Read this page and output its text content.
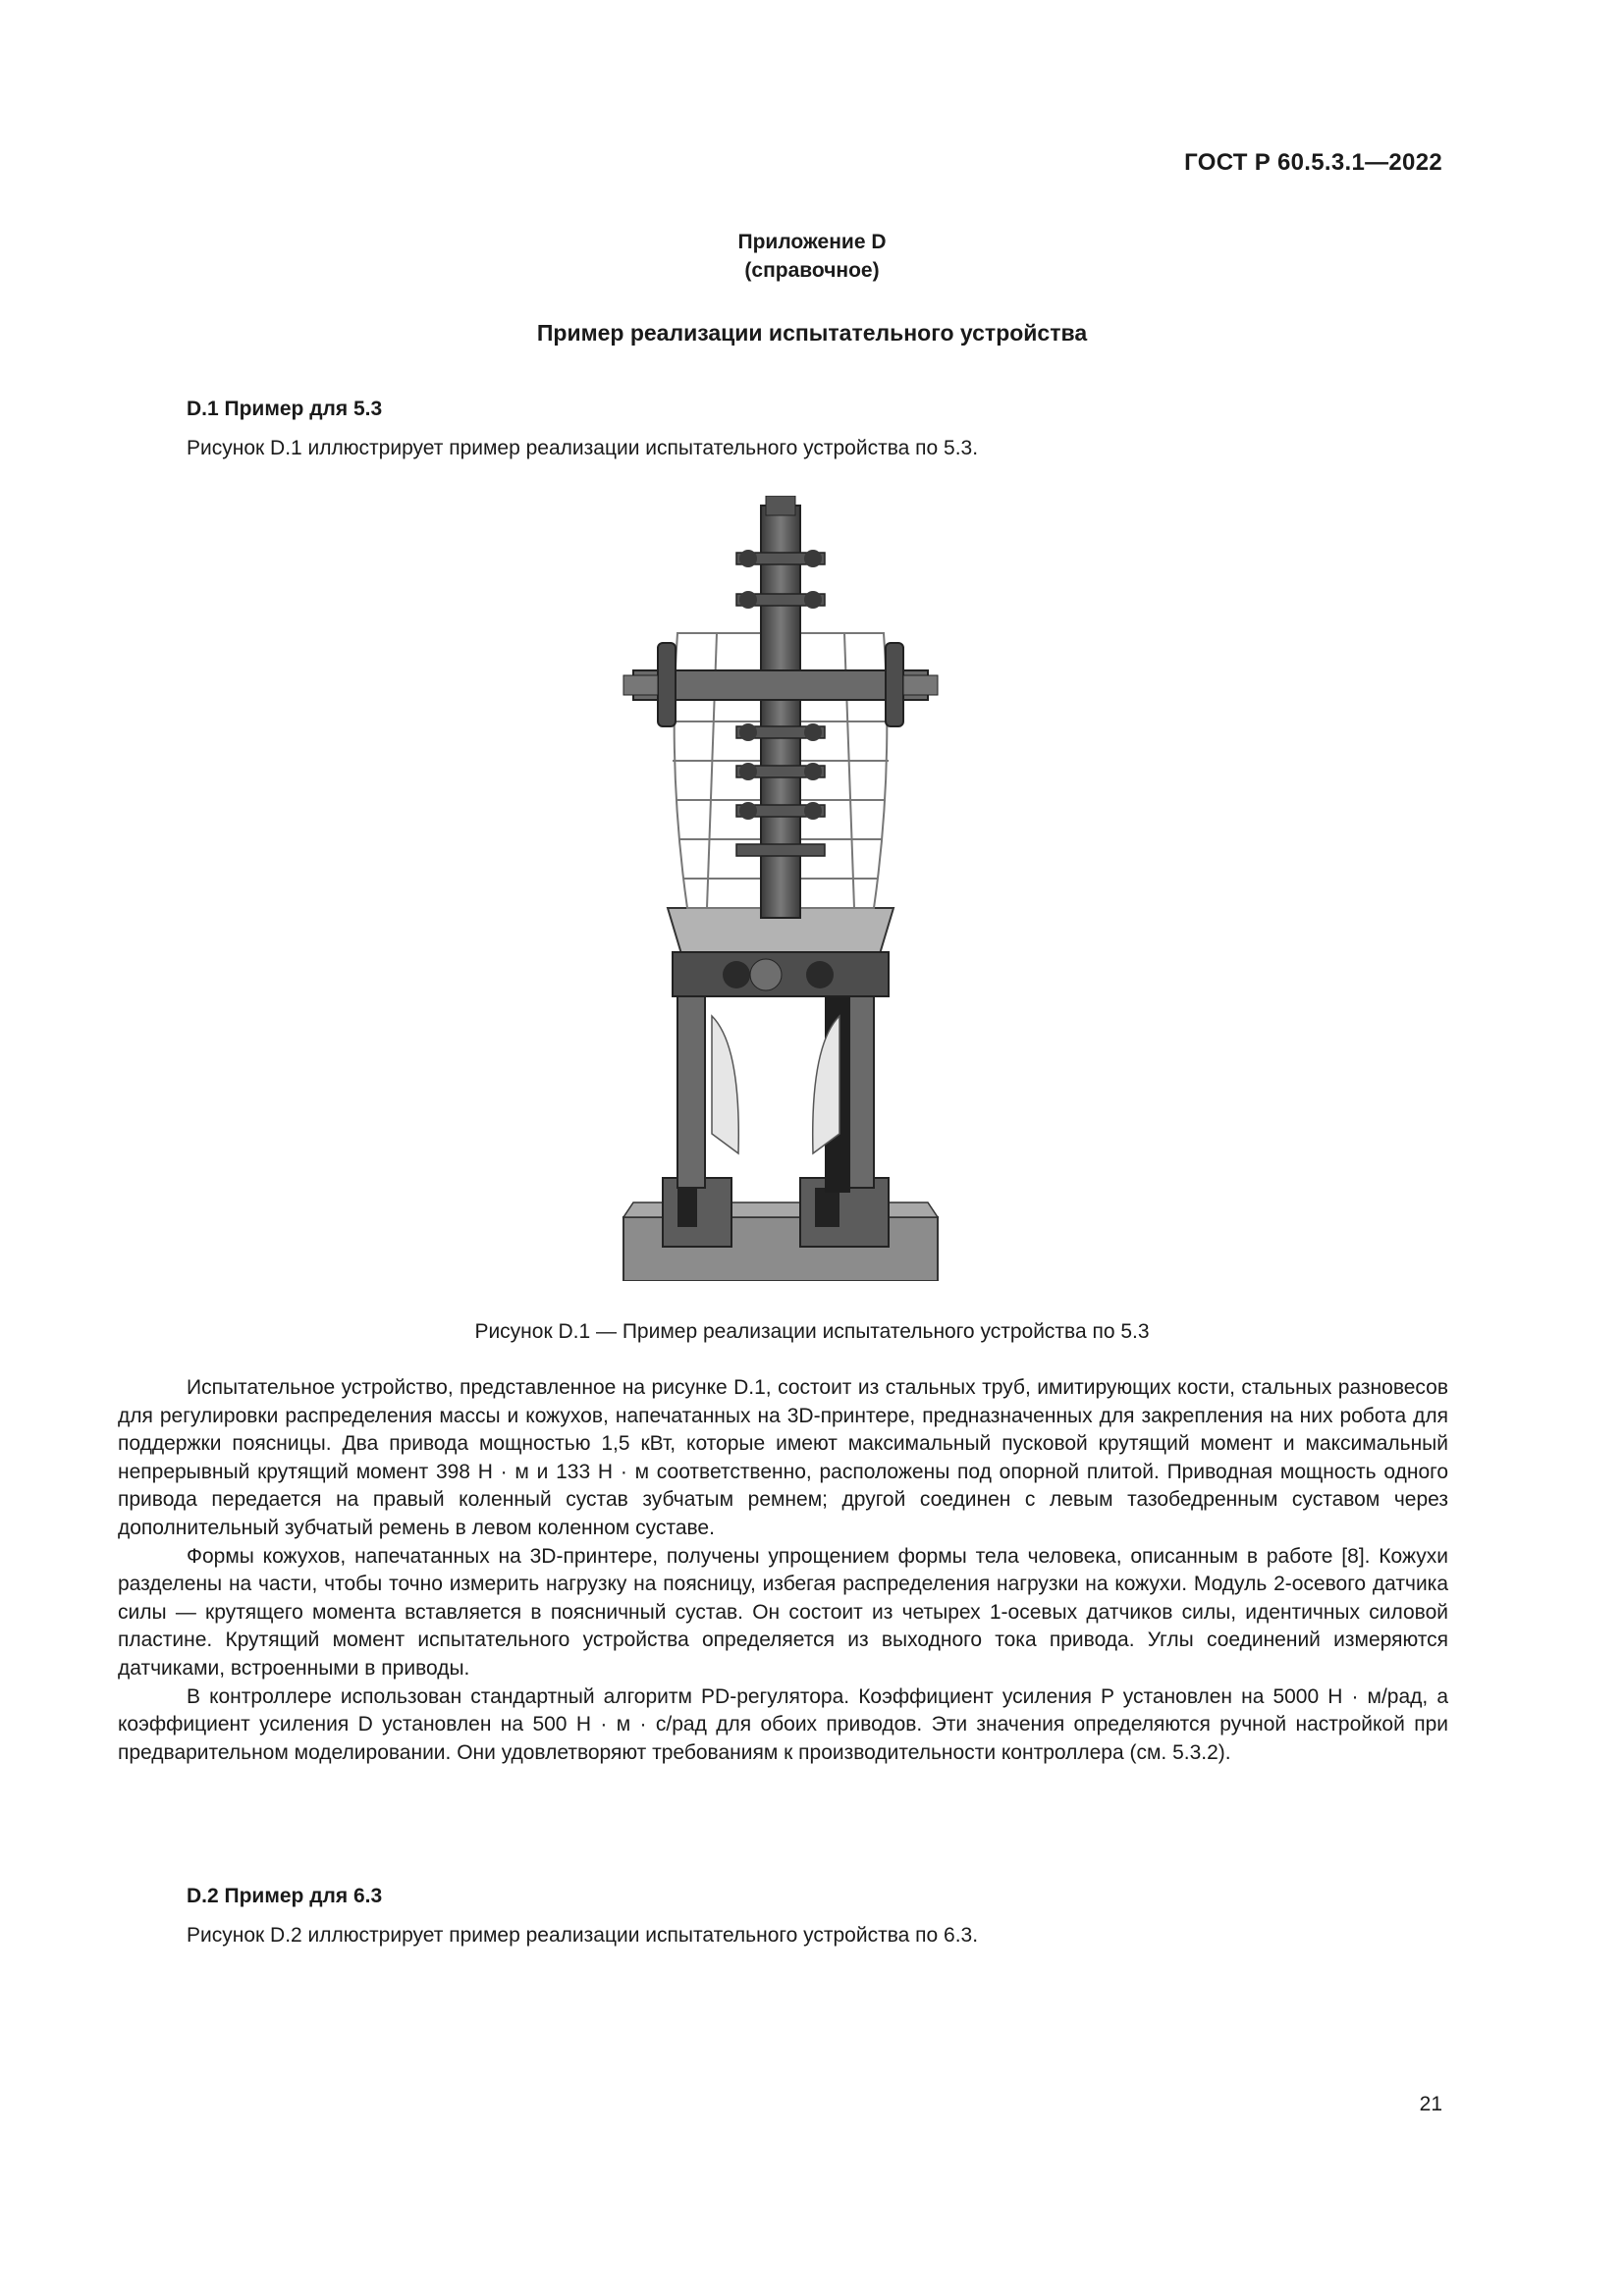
ГОСТ Р 60.5.3.1—2022
Приложение D
(справочное)
Пример реализации испытательного устройства
D.1 Пример для 5.3
Рисунок D.1 иллюстрирует пример реализации испытательного устройства по 5.3.
Рисунок D.1 — Пример реализации испытательного устройства по 5.3

Испытательное устройство, представленное на рисунке D.1, состоит из стальных труб, имитирующих кости, стальных разновесов для регулировки распределения массы и кожухов, напечатанных на 3D-принтере, предназначенных для закрепления на них робота для поддержки поясницы. Два привода мощностью 1,5 кВт, которые имеют максимальный пусковой крутящий момент и максимальный непрерывный крутящий момент 398 Н · м и 133 Н · м соответственно, расположены под опорной плитой. Приводная мощность одного привода передается на правый коленный сустав зубчатым ремнем; другой соединен с левым тазобедренным суставом через дополнительный зубчатый ремень в левом коленном суставе.

Формы кожухов, напечатанных на 3D-принтере, получены упрощением формы тела человека, описанным в работе [8]. Кожухи разделены на части, чтобы точно измерить нагрузку на поясницу, избегая распределения нагрузки на кожухи. Модуль 2-осевого датчика силы — крутящего момента вставляется в поясничный сустав. Он состоит из четырех 1-осевых датчиков силы, идентичных силовой пластине. Крутящий момент испытательного устройства определяется из выходного тока привода. Углы соединений измеряются датчиками, встроенными в приводы.

В контроллере использован стандартный алгоритм PD-регулятора. Коэффициент усиления P установлен на 5000 Н · м/рад, а коэффициент усиления D установлен на 500 Н · м · с/рад для обоих приводов. Эти значения определяются ручной настройкой при предварительном моделировании. Они удовлетворяют требованиям к производительности контроллера (см. 5.3.2).

D.2 Пример для 6.3
Рисунок D.2 иллюстрирует пример реализации испытательного устройства по 6.3.
21
